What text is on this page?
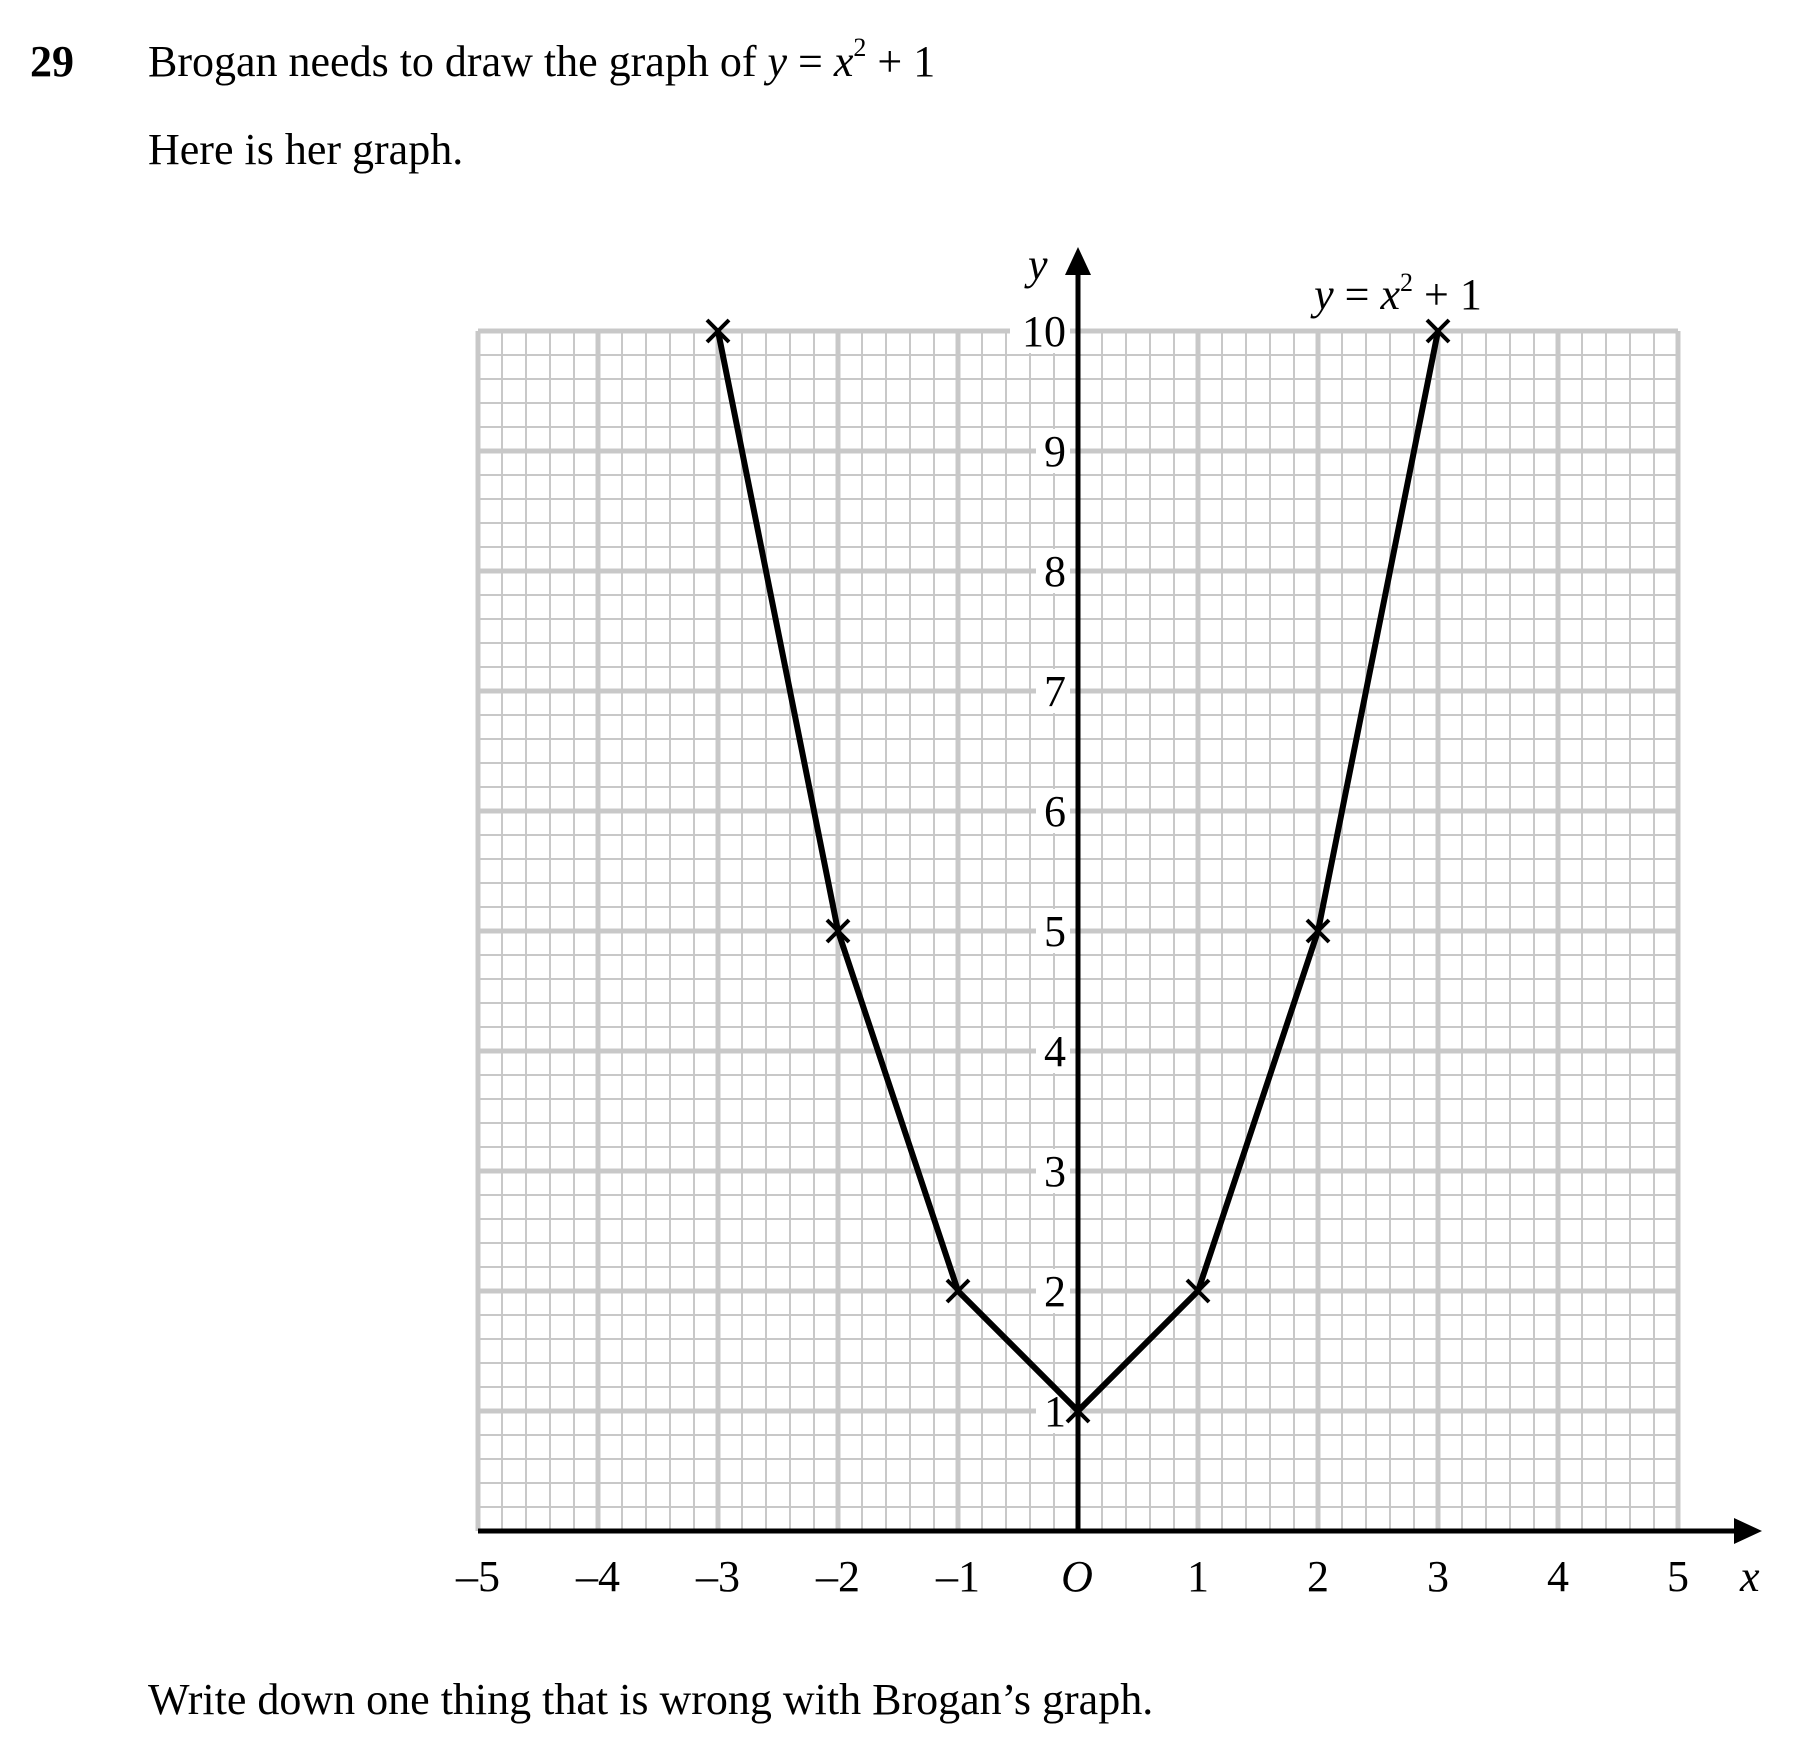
29 Brogan needs to draw the graph of $y = x^2 + 1$
Here is her graph.
–5 –4 –3 –2 –1	1 2 3 4 5
O
1
2
3
4
5
6
7
8
9
10
x
y
$y = x^2 + 1$
Write down one thing that is wrong with Brogan’s graph.
